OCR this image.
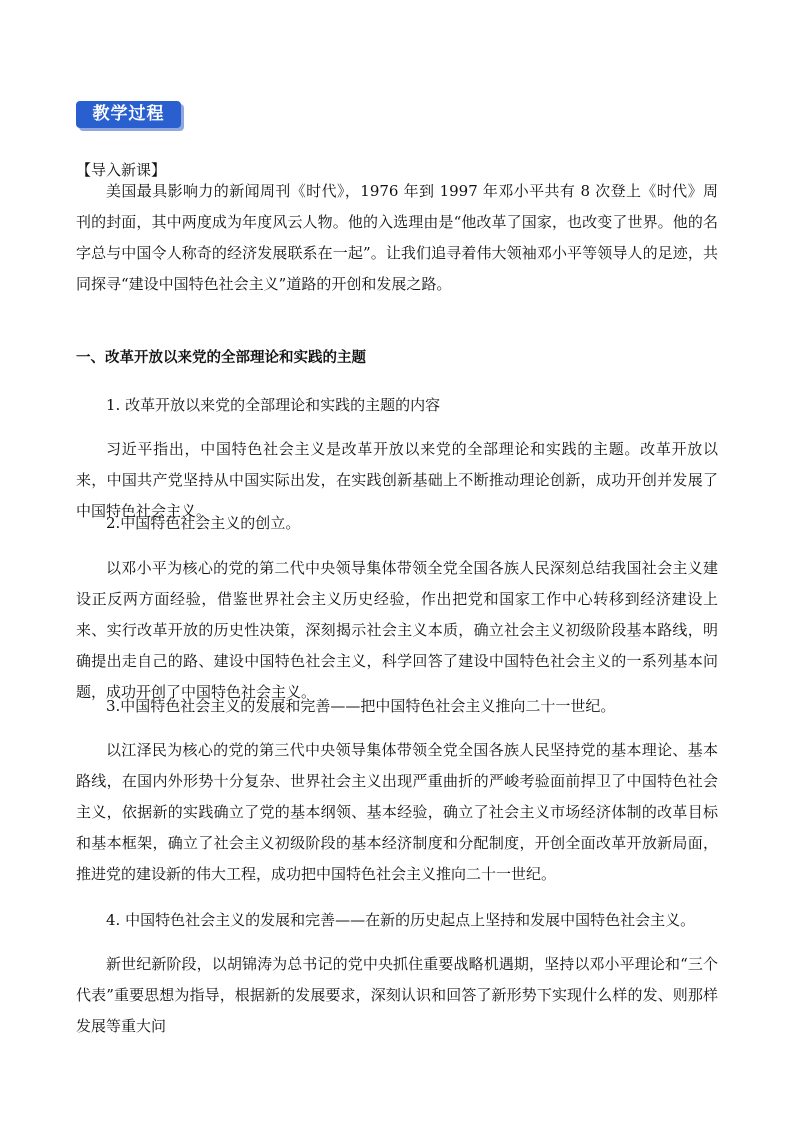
教学过程

【导入新课】

美国最具影响力的新闻周刊《时代》，1976 年到 1997 年邓小平共有 8 次登上《时代》周刊的封面，其中两度成为年度风云人物。他的入选理由是“他改革了国家，也改变了世界。他的名字总与中国令人称奇的经济发展联系在一起”。让我们追寻着伟大领袖邓小平等领导人的足迹，共同探寻“建设中国特色社会主义”道路的开创和发展之路。

一、改革开放以来党的全部理论和实践的主题

1. 改革开放以来党的全部理论和实践的主题的内容

习近平指出，中国特色社会主义是改革开放以来党的全部理论和实践的主题。改革开放以来，中国共产党坚持从中国实际出发，在实践创新基础上不断推动理论创新，成功开创并发展了中国特色社会主义。

2.中国特色社会主义的创立。

以邓小平为核心的党的第二代中央领导集体带领全党全国各族人民深刻总结我国社会主义建设正反两方面经验，借鉴世界社会主义历史经验，作出把党和国家工作中心转移到经济建设上来、实行改革开放的历史性决策，深刻揭示社会主义本质，确立社会主义初级阶段基本路线，明确提出走自己的路、建设中国特色社会主义，科学回答了建设中国特色社会主义的一系列基本问题，成功开创了中国特色社会主义。

3.中国特色社会主义的发展和完善——把中国特色社会主义推向二十一世纪。

以江泽民为核心的党的第三代中央领导集体带领全党全国各族人民坚持党的基本理论、基本路线，在国内外形势十分复杂、世界社会主义出现严重曲折的严峻考验面前捍卫了中国特色社会主义，依据新的实践确立了党的基本纲领、基本经验，确立了社会主义市场经济体制的改革目标和基本框架，确立了社会主义初级阶段的基本经济制度和分配制度，开创全面改革开放新局面，推进党的建设新的伟大工程，成功把中国特色社会主义推向二十一世纪。

4. 中国特色社会主义的发展和完善——在新的历史起点上坚持和发展中国特色社会主义。

新世纪新阶段，以胡锦涛为总书记的党中央抓住重要战略机遇期，坚持以邓小平理论和“三个代表”重要思想为指导，根据新的发展要求，深刻认识和回答了新形势下实现什么样的发、则那样发展等重大问
